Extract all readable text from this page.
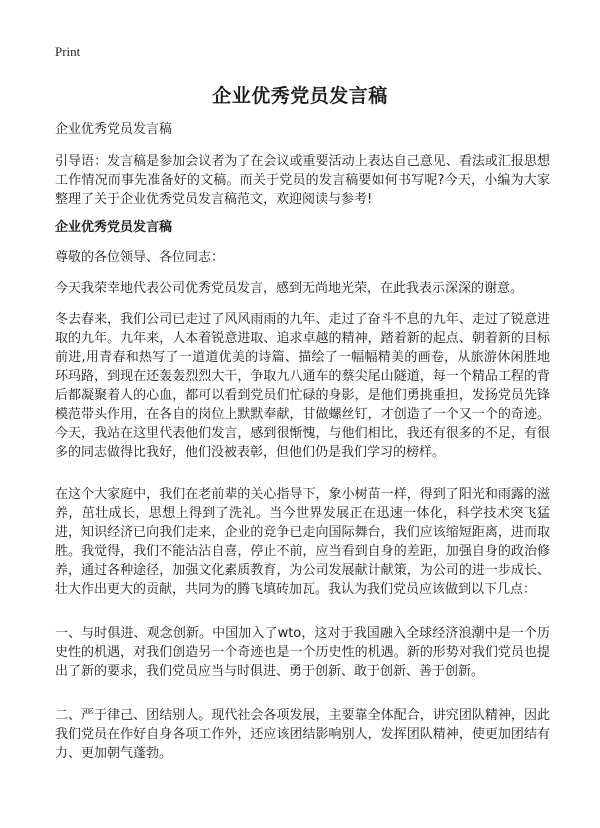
Print
企业优秀党员发言稿

企业优秀党员发言稿

引导语：发言稿是参加会议者为了在会议或重要活动上表达自己意见、看法或汇报思想工作情况而事先准备好的文稿。而关于党员的发言稿要如何书写呢?今天，小编为大家整理了关于企业优秀党员发言稿范文，欢迎阅读与参考!

企业优秀党员发言稿

尊敬的各位领导、各位同志：

今天我荣幸地代表公司优秀党员发言，感到无尚地光荣，在此我表示深深的谢意。

冬去春来，我们公司已走过了风风雨雨的九年、走过了奋斗不息的九年、走过了锐意进取的九年。九年来，人本着锐意进取、追求卓越的精神，踏着新的起点、朝着新的目标前进,用青春和热写了一道道优美的诗篇、描绘了一幅幅精美的画卷，从旅游休闲胜地环玛路，到现在还轰轰烈烈大干，争取九八通车的蔡尖尾山隧道，每一个精品工程的背后都凝聚着人的心血，都可以看到党员们忙碌的身影，是他们勇挑重担，发扬党员先锋模范带头作用，在各自的岗位上默默奉献，甘做螺丝钉，才创造了一个又一个的奇迹。今天，我站在这里代表他们发言，感到很惭愧，与他们相比，我还有很多的不足，有很多的同志做得比我好，他们没被表彰，但他们仍是我们学习的榜样。

在这个大家庭中，我们在老前辈的关心指导下，象小树苗一样，得到了阳光和雨露的滋养，茁壮成长，思想上得到了洗礼。当今世界发展正在迅速一体化，科学技术突飞猛进，知识经济已向我们走来，企业的竞争已走向国际舞台，我们应该缩短距离，进而取胜。我觉得，我们不能沾沾自喜，停止不前，应当看到自身的差距，加强自身的政治修养，通过各种途径，加强文化素质教育，为公司发展献计献策，为公司的进一步成长、壮大作出更大的贡献，共同为的腾飞填砖加瓦。我认为我们党员应该做到以下几点：

一、与时俱进、观念创新。中国加入了wto，这对于我国融入全球经济浪潮中是一个历史性的机遇，对我们创造另一个奇迹也是一个历史性的机遇。新的形势对我们党员也提出了新的要求，我们党员应当与时俱进、勇于创新、敢于创新、善于创新。

二、严于律己、团结别人。现代社会各项发展，主要靠全体配合，讲究团队精神，因此我们党员在作好自身各项工作外，还应该团结影响别人，发挥团队精神，使更加团结有力、更加朝气蓬勃。
